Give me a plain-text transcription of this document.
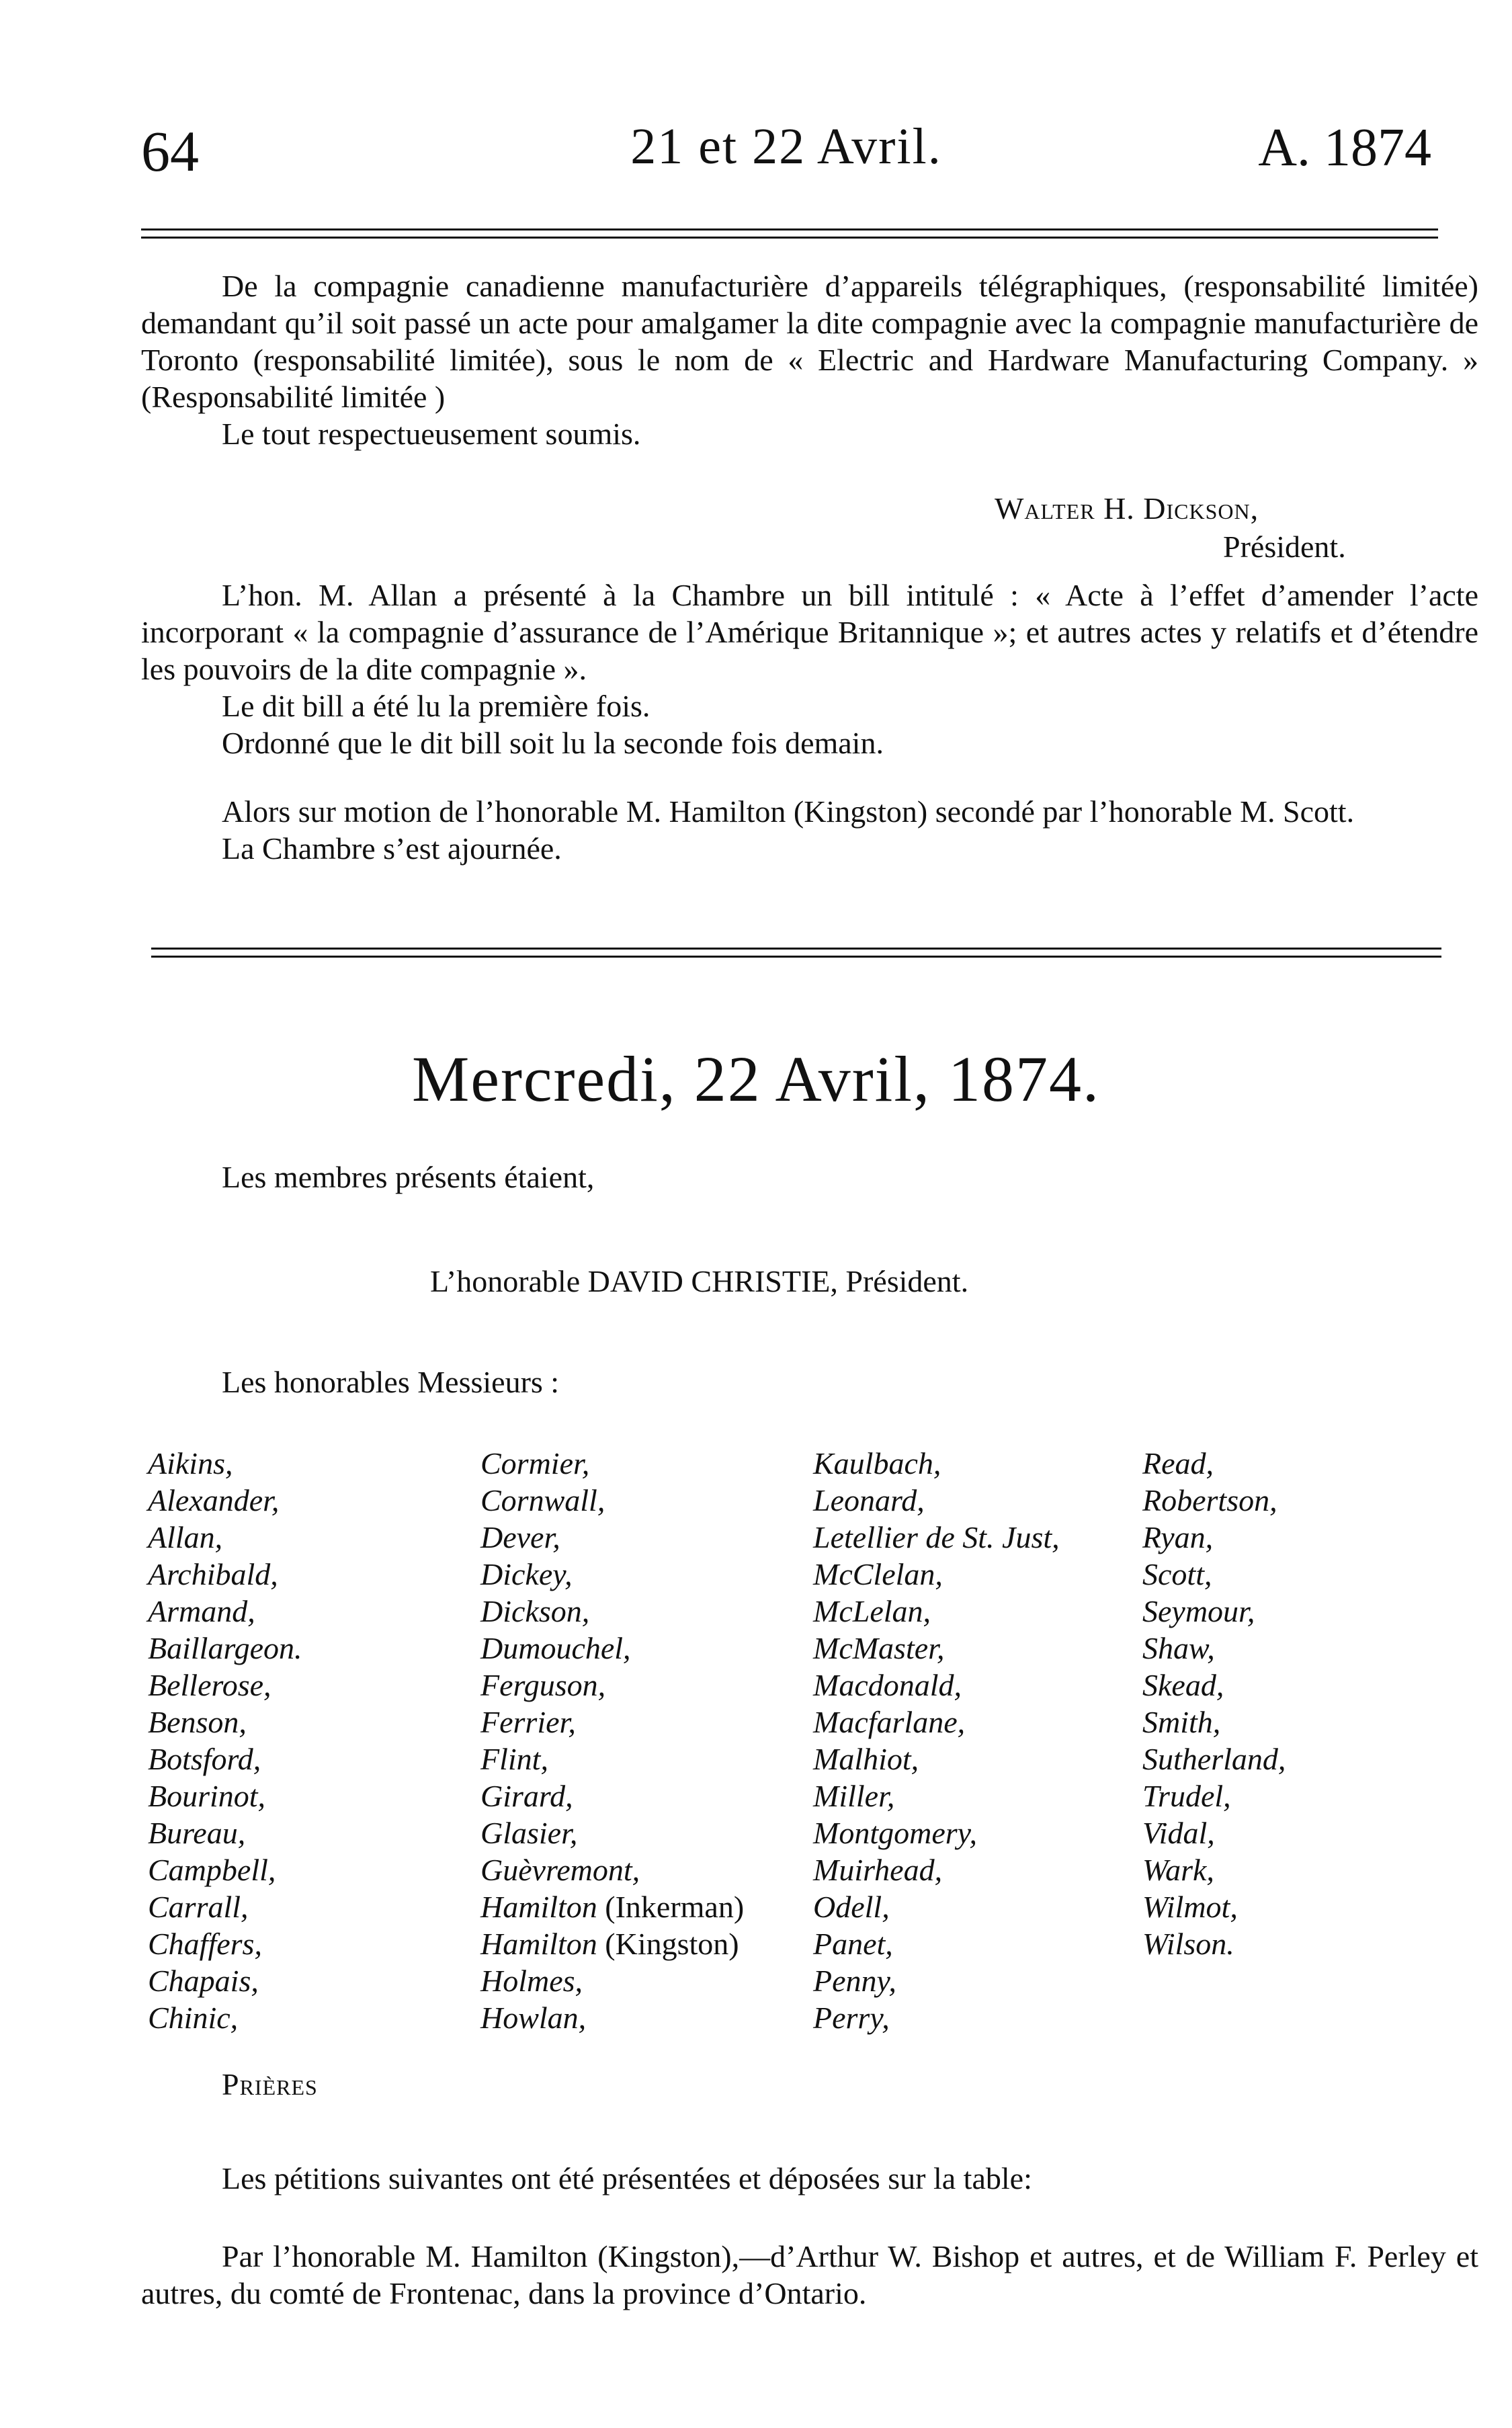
64	21 et 22 Avril.	A. 1874

De la compagnie canadienne manufacturière d’appareils télégraphiques, (responsabilité limitée) demandant qu’il soit passé un acte pour amalgamer la dite compagnie avec la compagnie manufacturière de Toronto (responsabilité limitée), sous le nom de « Electric and Hardware Manufacturing Company. » (Responsabilité limitée )

Le tout respectueusement soumis.

Walter H. Dickson,
Président.

L’hon. M. Allan a présenté à la Chambre un bill intitulé : « Acte à l’effet d’amender l’acte incorporant « la compagnie d’assurance de l’Amérique Britannique »; et autres actes y relatifs et d’étendre les pouvoirs de la dite compagnie ».

Le dit bill a été lu la première fois.

Ordonné que le dit bill soit lu la seconde fois demain.

Alors sur motion de l’honorable M. Hamilton (Kingston) secondé par l’honorable M. Scott.

La Chambre s’est ajournée.

Mercredi, 22 Avril, 1874.
Les membres présents étaient,
L’honorable DAVID CHRISTIE, Président.
Les honorables Messieurs :
Aikins,
Alexander,
Allan,
Archibald,
Armand,
Baillargeon.
Bellerose,
Benson,
Botsford,
Bourinot,
Bureau,
Campbell,
Carrall,
Chaffers,
Chapais,
Chinic,
Cormier,
Cornwall,
Dever,
Dickey,
Dickson,
Dumouchel,
Ferguson,
Ferrier,
Flint,
Girard,
Glasier,
Guèvremont,
Hamilton (Inkerman)
Hamilton (Kingston)
Holmes,
Howlan,
Kaulbach,
Leonard,
Letellier de St. Just,
McClelan,
McLelan,
McMaster,
Macdonald,
Macfarlane,
Malhiot,
Miller,
Montgomery,
Muirhead,
Odell,
Panet,
Penny,
Perry,
Read,
Robertson,
Ryan,
Scott,
Seymour,
Shaw,
Skead,
Smith,
Sutherland,
Trudel,
Vidal,
Wark,
Wilmot,
Wilson.
Prières
Les pétitions suivantes ont été présentées et déposées sur la table:

Par l’honorable M. Hamilton (Kingston),—d’Arthur W. Bishop et autres, et de William F. Perley et autres, du comté de Frontenac, dans la province d’Ontario.
